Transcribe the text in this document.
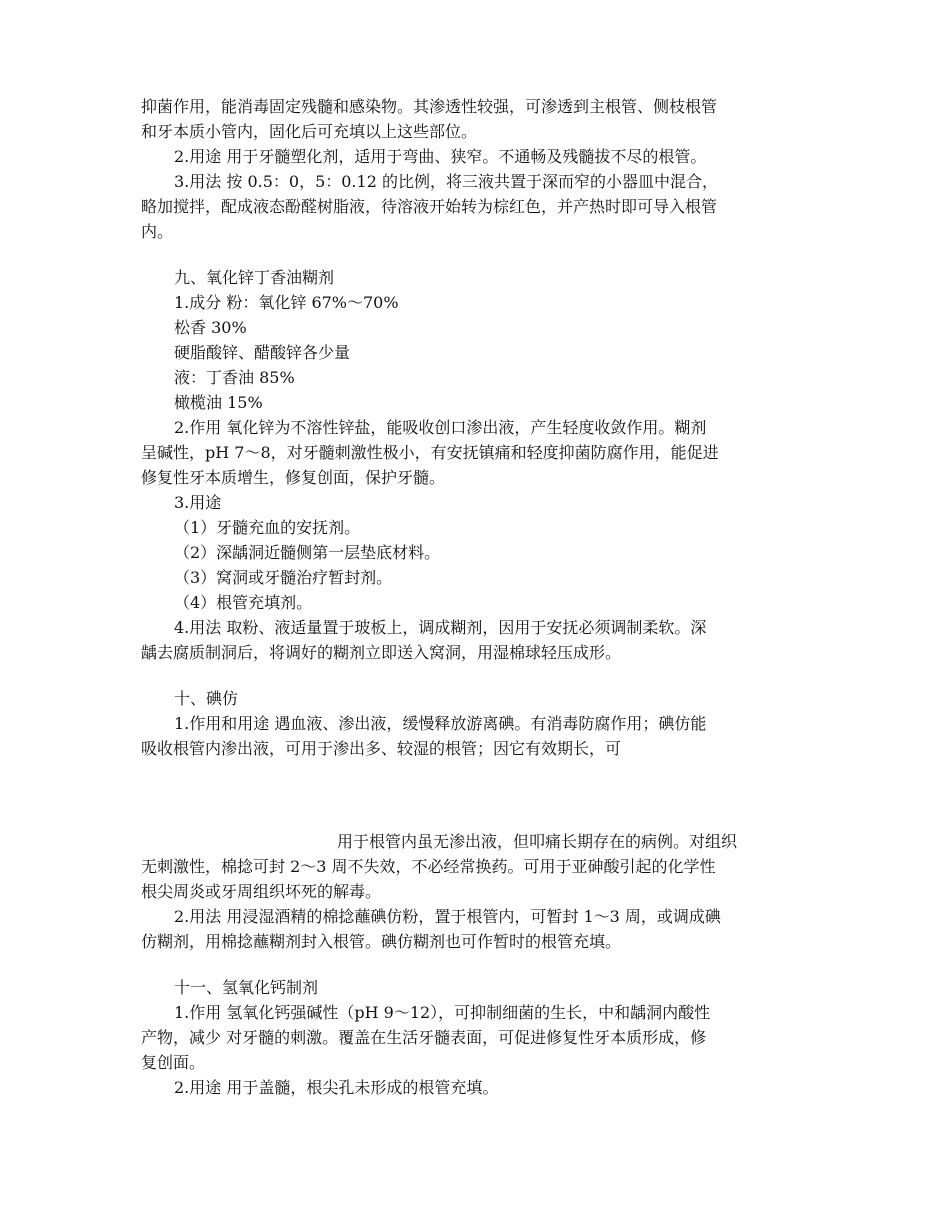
抑菌作用，能消毒固定残髓和感染物。其渗透性较强，可渗透到主根管、侧枝根管
和牙本质小管内，固化后可充填以上这些部位。
2.用途 用于牙髓塑化剂，适用于弯曲、狭窄。不通畅及残髓拔不尽的根管。
3.用法 按 0.5：0，5：0.12 的比例，将三液共置于深而窄的小器皿中混合，
略加搅拌，配成液态酚醛树脂液，待溶液开始转为棕红色，并产热时即可导入根管
内。
九、氧化锌丁香油糊剂
1.成分 粉：氧化锌 67%～70%
松香 30%
硬脂酸锌、醋酸锌各少量
液：丁香油 85%
橄榄油 15%
2.作用 氧化锌为不溶性锌盐，能吸收创口渗出液，产生轻度收敛作用。糊剂
呈碱性，pH 7～8，对牙髓刺激性极小，有安抚镇痛和轻度抑菌防腐作用，能促进
修复性牙本质增生，修复创面，保护牙髓。
3.用途
（1）牙髓充血的安抚剂。
（2）深龋洞近髓侧第一层垫底材料。
（3）窝洞或牙髓治疗暂封剂。
（4）根管充填剂。
4.用法 取粉、液适量置于玻板上，调成糊剂，因用于安抚必须调制柔软。深
龋去腐质制洞后，将调好的糊剂立即送入窝洞，用湿棉球轻压成形。
十、碘仿
1.作用和用途 遇血液、渗出液，缓慢释放游离碘。有消毒防腐作用；碘仿能
吸收根管内渗出液，可用于渗出多、较湿的根管；因它有效期长，可
用于根管内虽无渗出液，但叩痛长期存在的病例。对组织
无刺激性，棉捻可封 2～3 周不失效，不必经常换药。可用于亚砷酸引起的化学性
根尖周炎或牙周组织坏死的解毒。
2.用法 用浸湿酒精的棉捻蘸碘仿粉，置于根管内，可暂封 1～3 周，或调成碘
仿糊剂，用棉捻蘸糊剂封入根管。碘仿糊剂也可作暂时的根管充填。
十一、氢氧化钙制剂
1.作用 氢氧化钙强碱性（pH 9～12），可抑制细菌的生长，中和龋洞内酸性
产物，减少 对牙髓的刺激。覆盖在生活牙髓表面，可促进修复性牙本质形成，修
复创面。
2.用途 用于盖髓，根尖孔未形成的根管充填。
